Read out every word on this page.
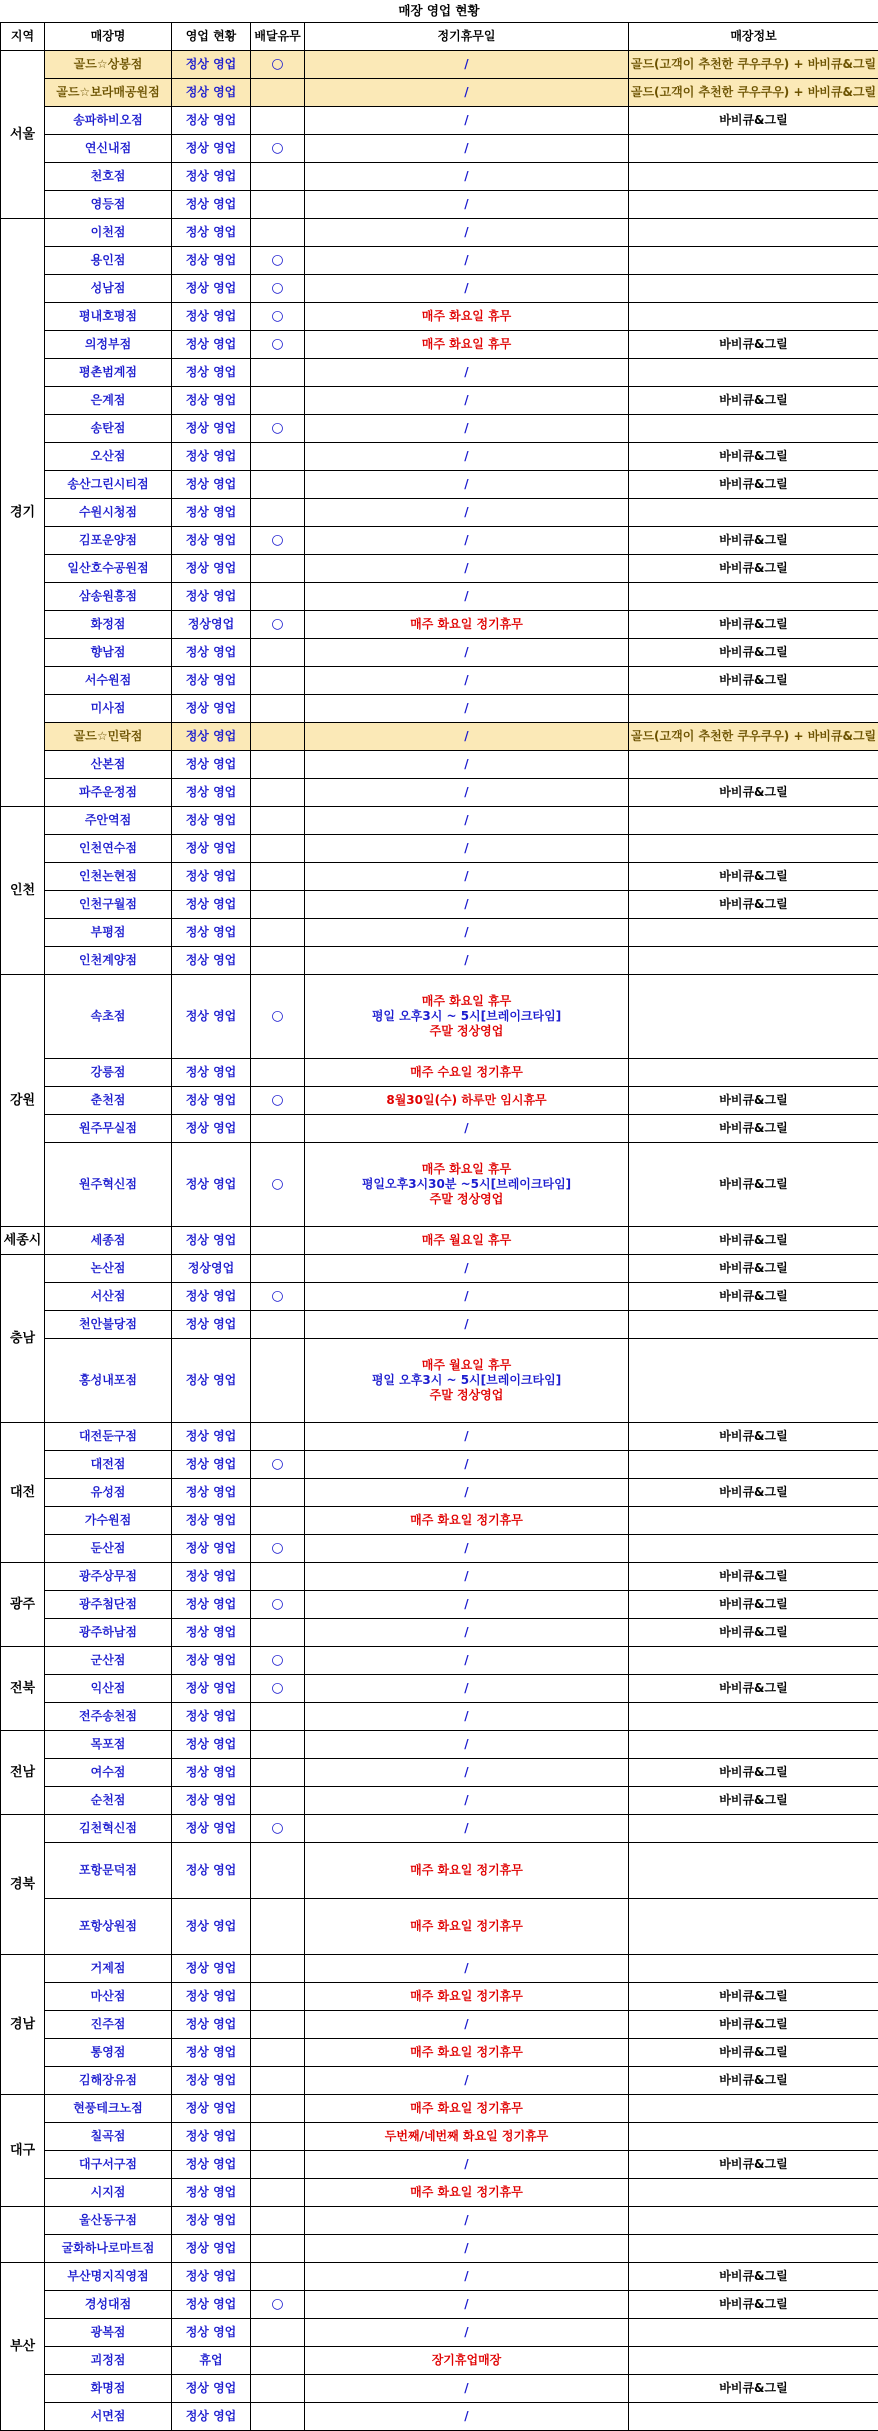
매장 영업 현황
지역	매장명	영업 현황	배달유무	정기휴무일	매장정보
서울	골드☆상봉점	정상 영업	○	/	골드(고객이 추천한 쿠우쿠우) + 바비큐&그릴
	골드☆보라매공원점	정상 영업		/	골드(고객이 추천한 쿠우쿠우) + 바비큐&그릴
	송파하비오점	정상 영업		/	바비큐&그릴
	연신내점	정상 영업	○	/	

	천호점	정상 영업		/	

	영등점	정상 영업		/	

경기	이천점	정상 영업		/	

	용인점	정상 영업	○	/	

	성남점	정상 영업	○	/	

	평내호평점	정상 영업	○	매주 화요일 휴무	

	의정부점	정상 영업	○	매주 화요일 휴무	바비큐&그릴
	평촌범계점	정상 영업		/	

	은계점	정상 영업		/	바비큐&그릴
	송탄점	정상 영업	○	/	

	오산점	정상 영업		/	바비큐&그릴
	송산그린시티점	정상 영업		/	바비큐&그릴
	수원시청점	정상 영업		/	

	김포운양점	정상 영업	○	/	바비큐&그릴
	일산호수공원점	정상 영업		/	바비큐&그릴
	삼송원흥점	정상 영업		/	

	화정점	정상영업	○	매주 화요일 정기휴무	바비큐&그릴
	향남점	정상 영업		/	바비큐&그릴
	서수원점	정상 영업		/	바비큐&그릴
	미사점	정상 영업		/	

	골드☆민락점	정상 영업		/	골드(고객이 추천한 쿠우쿠우) + 바비큐&그릴
	산본점	정상 영업		/	

	파주운정점	정상 영업		/	바비큐&그릴
인천	주안역점	정상 영업		/	

	인천연수점	정상 영업		/	

	인천논현점	정상 영업		/	바비큐&그릴
	인천구월점	정상 영업		/	바비큐&그릴
	부평점	정상 영업		/	

	인천계양점	정상 영업		/	

강원	속초점	정상 영업	○	매주 화요일 휴무
평일 오후3시 ~ 5시[브레이크타임]
주말 정상영업	

	강릉점	정상 영업		매주 수요일 정기휴무	

	춘천점	정상 영업	○	8월30일(수) 하루만 임시휴무	바비큐&그릴
	원주무실점	정상 영업		/	바비큐&그릴
	원주혁신점	정상 영업	○	매주 화요일 휴무
평일오후3시30분 ~5시[브레이크타임]
주말 정상영업	바비큐&그릴
세종시	세종점	정상 영업		매주 월요일 휴무	바비큐&그릴
충남	논산점	정상영업		/	바비큐&그릴
	서산점	정상 영업	○	/	바비큐&그릴
	천안불당점	정상 영업		/	

	홍성내포점	정상 영업		매주 월요일 휴무
평일 오후3시 ~ 5시[브레이크타임]
주말 정상영업	

대전	대전둔구점	정상 영업		/	바비큐&그릴
	대전점	정상 영업	○	/	

	유성점	정상 영업		/	바비큐&그릴
	가수원점	정상 영업		매주 화요일 정기휴무	

	둔산점	정상 영업	○	/	

광주	광주상무점	정상 영업		/	바비큐&그릴
	광주첨단점	정상 영업	○	/	바비큐&그릴
	광주하남점	정상 영업		/	바비큐&그릴
전북	군산점	정상 영업	○	/	

	익산점	정상 영업	○	/	바비큐&그릴
	전주송천점	정상 영업		/	

전남	목포점	정상 영업		/	

	여수점	정상 영업		/	바비큐&그릴
	순천점	정상 영업		/	바비큐&그릴
경북	김천혁신점	정상 영업	○	/	

	포항문덕점	정상 영업		매주 화요일 정기휴무	

	포항상원점	정상 영업		매주 화요일 정기휴무	

경남	거제점	정상 영업		/	

	마산점	정상 영업		매주 화요일 정기휴무	바비큐&그릴
	진주점	정상 영업		/	바비큐&그릴
	통영점	정상 영업		매주 화요일 정기휴무	바비큐&그릴
	김해장유점	정상 영업		/	바비큐&그릴
대구	현풍테크노점	정상 영업		매주 화요일 정기휴무	

	칠곡점	정상 영업		두번째/네번째 화요일 정기휴무	

	대구서구점	정상 영업		/	바비큐&그릴
	시지점	정상 영업		매주 화요일 정기휴무	

	울산동구점	정상 영업		/	

	굴화하나로마트점	정상 영업		/	

부산	부산명지직영점	정상 영업		/	바비큐&그릴
	경성대점	정상 영업	○	/	바비큐&그릴
	광복점	정상 영업		/	

	괴정점	휴업		장기휴업매장	

	화명점	정상 영업		/	바비큐&그릴
	서면점	정상 영업		/	
